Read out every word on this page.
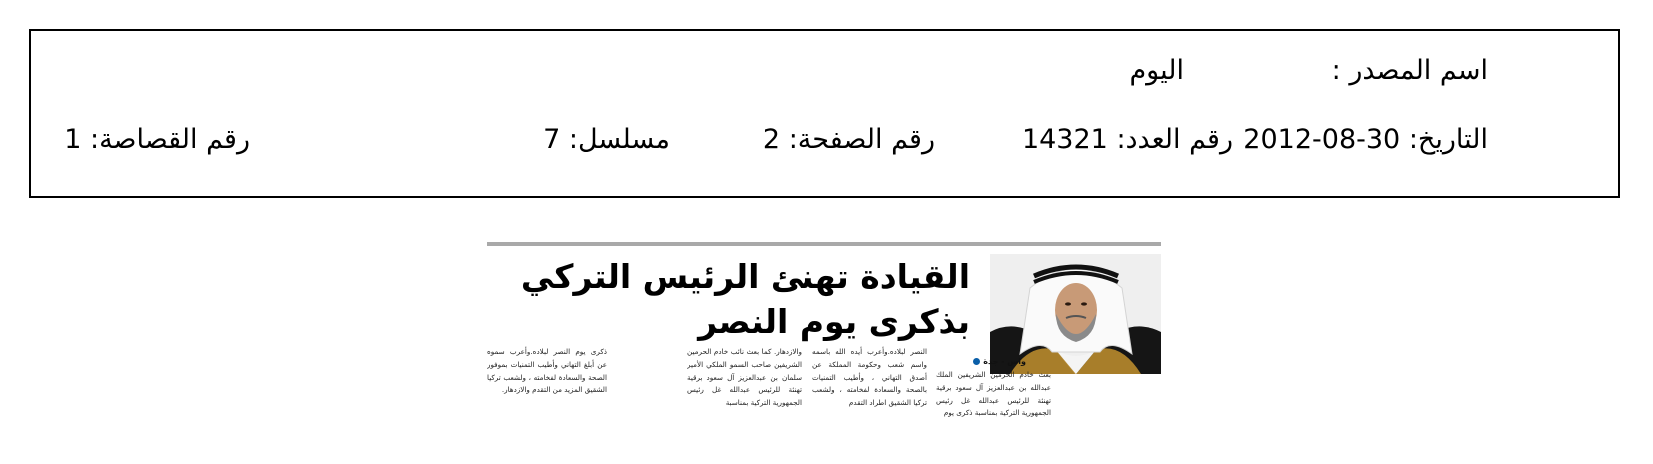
اسم المصدر :
اليوم
التاريخ: 30-08-2012
رقم العدد: 14321
رقم الصفحة: 2
مسلسل: 7
رقم القصاصة: 1
القيادة تهنئ الرئيس التركي
بذكرى يوم النصر
واس - جدة
بعث خادم الحرمين الشريفين الملك عبدالله بن عبدالعزيز آل سعود برقية تهنئة للرئيس عبدالله غل رئيس الجمهورية التركية بمناسبة ذكرى يوم
النصر لبلاده.وأعرب أيده الله باسمه واسم شعب وحكومة المملكة عن أصدق التهاني ، وأطيب التمنيات بالصحة والسعادة لفخامته ، ولشعب تركيا الشقيق اطراد التقدم
والازدهار. كما بعث نائب خادم الحرمين الشريفين صاحب السمو الملكي الأمير سلمان بن عبدالعزيز آل سعود برقية تهنئة للرئيس عبدالله غل رئيس الجمهورية التركية بمناسبة
ذكرى يوم النصر لبلاده.وأعرب سموه عن أبلغ التهاني وأطيب التمنيات بموفور الصحة والسعادة لفخامته ، ولشعب تركيا الشقيق المزيد من التقدم والازدهار.
